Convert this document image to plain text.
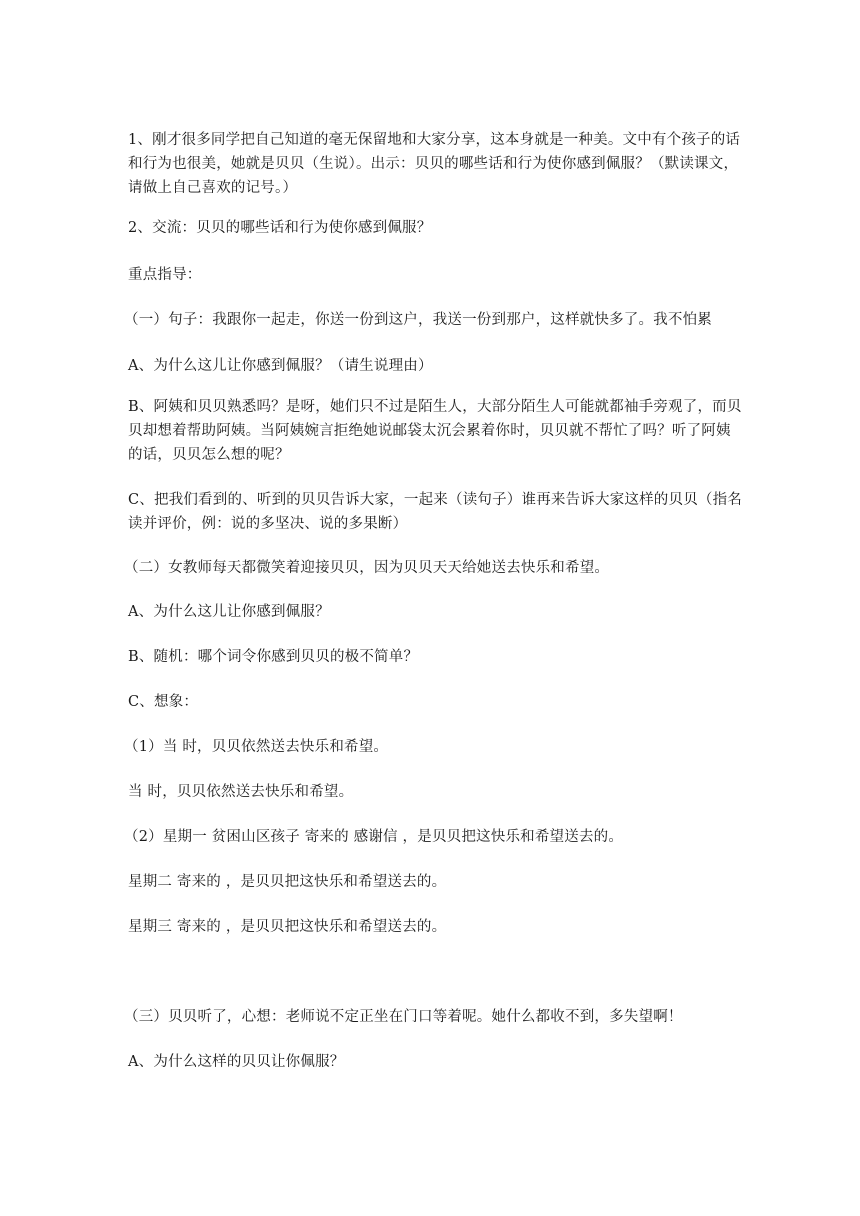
1、刚才很多同学把自己知道的毫无保留地和大家分享，这本身就是一种美。文中有个孩子的话和行为也很美，她就是贝贝（生说）。出示：贝贝的哪些话和行为使你感到佩服？（默读课文，请做上自己喜欢的记号。）
2、交流：贝贝的哪些话和行为使你感到佩服？
重点指导：
（一）句子：我跟你一起走，你送一份到这户，我送一份到那户，这样就快多了。我不怕累
A、为什么这儿让你感到佩服？（请生说理由）
B、阿姨和贝贝熟悉吗？是呀，她们只不过是陌生人，大部分陌生人可能就都袖手旁观了，而贝贝却想着帮助阿姨。当阿姨婉言拒绝她说邮袋太沉会累着你时，贝贝就不帮忙了吗？听了阿姨的话，贝贝怎么想的呢？
C、把我们看到的、听到的贝贝告诉大家，一起来（读句子）谁再来告诉大家这样的贝贝（指名读并评价，例：说的多坚决、说的多果断）
（二）女教师每天都微笑着迎接贝贝，因为贝贝天天给她送去快乐和希望。
A、为什么这儿让你感到佩服？
B、随机：哪个词令你感到贝贝的极不简单？
C、想象：
（1）当 时，贝贝依然送去快乐和希望。
当 时，贝贝依然送去快乐和希望。
（2）星期一 贫困山区孩子 寄来的 感谢信 ，是贝贝把这快乐和希望送去的。
星期二 寄来的 ，是贝贝把这快乐和希望送去的。
星期三 寄来的 ，是贝贝把这快乐和希望送去的。
（三）贝贝听了，心想：老师说不定正坐在门口等着呢。她什么都收不到，多失望啊！
A、为什么这样的贝贝让你佩服？
